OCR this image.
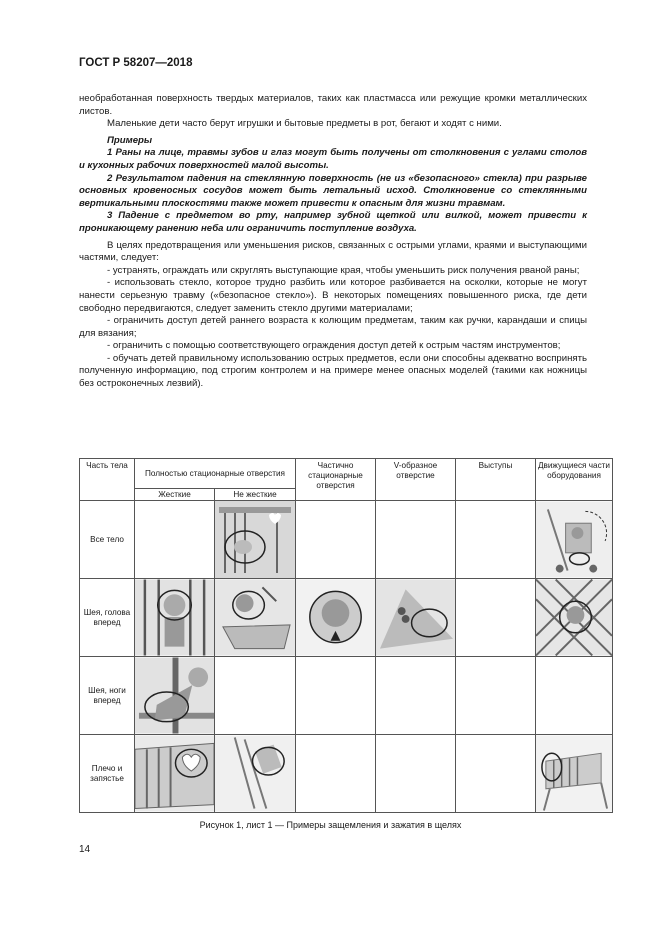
ГОСТ Р 58207—2018

необработанная поверхность твердых материалов, таких как пластмасса или режущие кромки металлических листов.

Маленькие дети часто берут игрушки и бытовые предметы в рот, бегают и ходят с ними.

Примеры

1 Раны на лице, травмы зубов и глаз могут быть получены от столкновения с углами столов и кухонных рабочих поверхностей малой высоты.

2 Результатом падения на стеклянную поверхность (не из «безопасного» стекла) при разрыве основных кровеносных сосудов может быть летальный исход. Столкновение со стеклянными вертикальными плоскостями также может привести к опасным для жизни травмам.

3 Падение с предметом во рту, например зубной щеткой или вилкой, может привести к проникающему ранению неба или ограничить поступление воздуха.

В целях предотвращения или уменьшения рисков, связанных с острыми углами, краями и выступающими частями, следует:

- устранять, ограждать или скруглять выступающие края, чтобы уменьшить риск получения рваной раны;

- использовать стекло, которое трудно разбить или которое разбивается на осколки, которые не могут нанести серьезную травму («безопасное стекло»). В некоторых помещениях повышенного риска, где дети свободно передвигаются, следует заменить стекло другими материалами;

- ограничить доступ детей раннего возраста к колющим предметам, таким как ручки, карандаши и спицы для вязания;

- ограничить с помощью соответствующего ограждения доступ детей к острым частям инструментов;

- обучать детей правильному использованию острых предметов, если они способны адекватно воспринять полученную информацию, под строгим контролем и на примере менее опасных моделей (такими как ножницы без остроконечных лезвий).

Часть тела	Полностью стационарные отверстия		Частично стационарные отверстия	V-образное отверстие	Выступы	Движущиеся части оборудования
	Жесткие	Не жесткие				
Все тело		

Шея, голова вперед	

Шея, ноги вперед	

Плечо и запястье	

Рисунок 1, лист 1 — Примеры защемления и зажатия в щелях
14
